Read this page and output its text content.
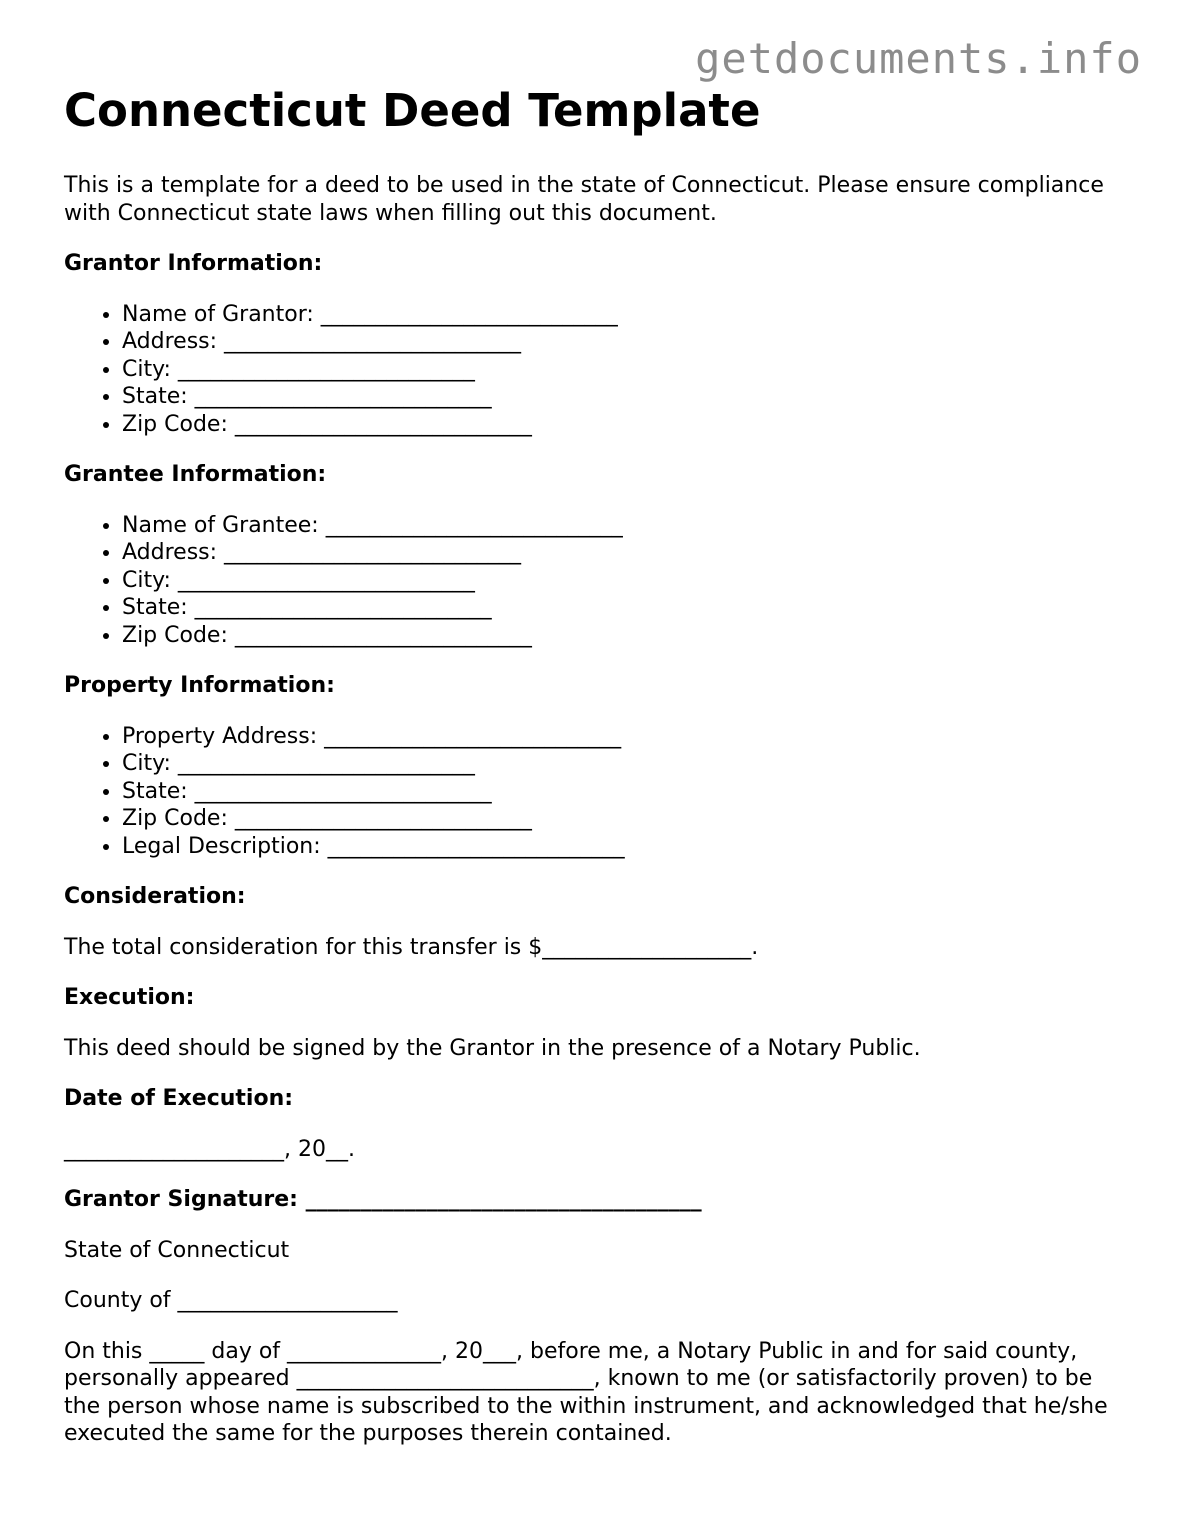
getdocuments.info
Connecticut Deed Template

This is a template for a deed to be used in the state of Connecticut. Please ensure compliance with Connecticut state laws when filling out this document.

Grantor Information:

• Name of Grantor: ___________________________
• Address: ___________________________
• City: ___________________________
• State: ___________________________
• Zip Code: ___________________________

Grantee Information:

• Name of Grantee: ___________________________
• Address: ___________________________
• City: ___________________________
• State: ___________________________
• Zip Code: ___________________________

Property Information:

• Property Address: ___________________________
• City: ___________________________
• State: ___________________________
• Zip Code: ___________________________
• Legal Description: ___________________________

Consideration:

The total consideration for this transfer is $___________________.

Execution:

This deed should be signed by the Grantor in the presence of a Notary Public.

Date of Execution:

____________________, 20__.

Grantor Signature: ____________________________________

State of Connecticut

County of ____________________

On this _____ day of ______________, 20___, before me, a Notary Public in and for said county, personally appeared ___________________________, known to me (or satisfactorily proven) to be the person whose name is subscribed to the within instrument, and acknowledged that he/she executed the same for the purposes therein contained.
